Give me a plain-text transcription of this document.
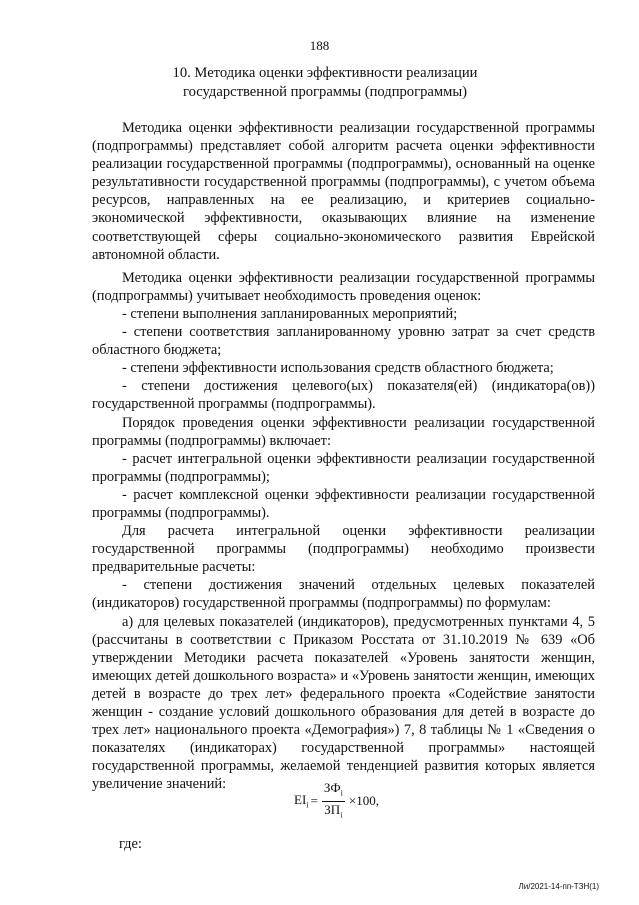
188
10. Методика оценки эффективности реализации
государственной программы (подпрограммы)

Методика оценки эффективности реализации государственной программы (подпрограммы) представляет собой алгоритм расчета оценки эффективности реализации государственной программы (подпрограммы), основанный на оценке результативности государственной программы (подпрограммы), с учетом объема ресурсов, направленных на ее реализацию, и критериев социально-экономической эффективности, оказывающих влияние на изменение соответствующей сферы социально-экономического развития Еврейской автономной области.

Методика оценки эффективности реализации государственной программы (подпрограммы) учитывает необходимость проведения оценок:

- степени выполнения запланированных мероприятий;

- степени соответствия запланированному уровню затрат за счет средств областного бюджета;

- степени эффективности использования средств областного бюджета;

- степени достижения целевого(ых) показателя(ей) (индикатора(ов)) государственной программы (подпрограммы).

Порядок проведения оценки эффективности реализации государственной программы (подпрограммы) включает:

- расчет интегральной оценки эффективности реализации государственной программы (подпрограммы);

- расчет комплексной оценки эффективности реализации государственной программы (подпрограммы).

Для расчета интегральной оценки эффективности реализации государственной программы (подпрограммы) необходимо произвести предварительные расчеты:

- степени достижения значений отдельных целевых показателей (индикаторов) государственной программы (подпрограммы) по формулам:

а) для целевых показателей (индикаторов), предусмотренных пунктами 4, 5 (рассчитаны в соответствии с Приказом Росстата от 31.10.2019 № 639 «Об утверждении Методики расчета показателей «Уровень занятости женщин, имеющих детей дошкольного возраста» и «Уровень занятости женщин, имеющих детей в возрасте до трех лет» федерального проекта «Содействие занятости женщин - создание условий дошкольного образования для детей в возрасте до трех лет» национального проекта «Демография») 7, 8 таблицы № 1 «Сведения о показателях (индикаторах) государственной программы» настоящей государственной программы, желаемой тенденцией развития которых является увеличение значений:

$EI_i = \frac{ЗФ_i}{ЗП_i} \times 100$,
где:
Ли/2021-14-пп-ТЗН(1)
